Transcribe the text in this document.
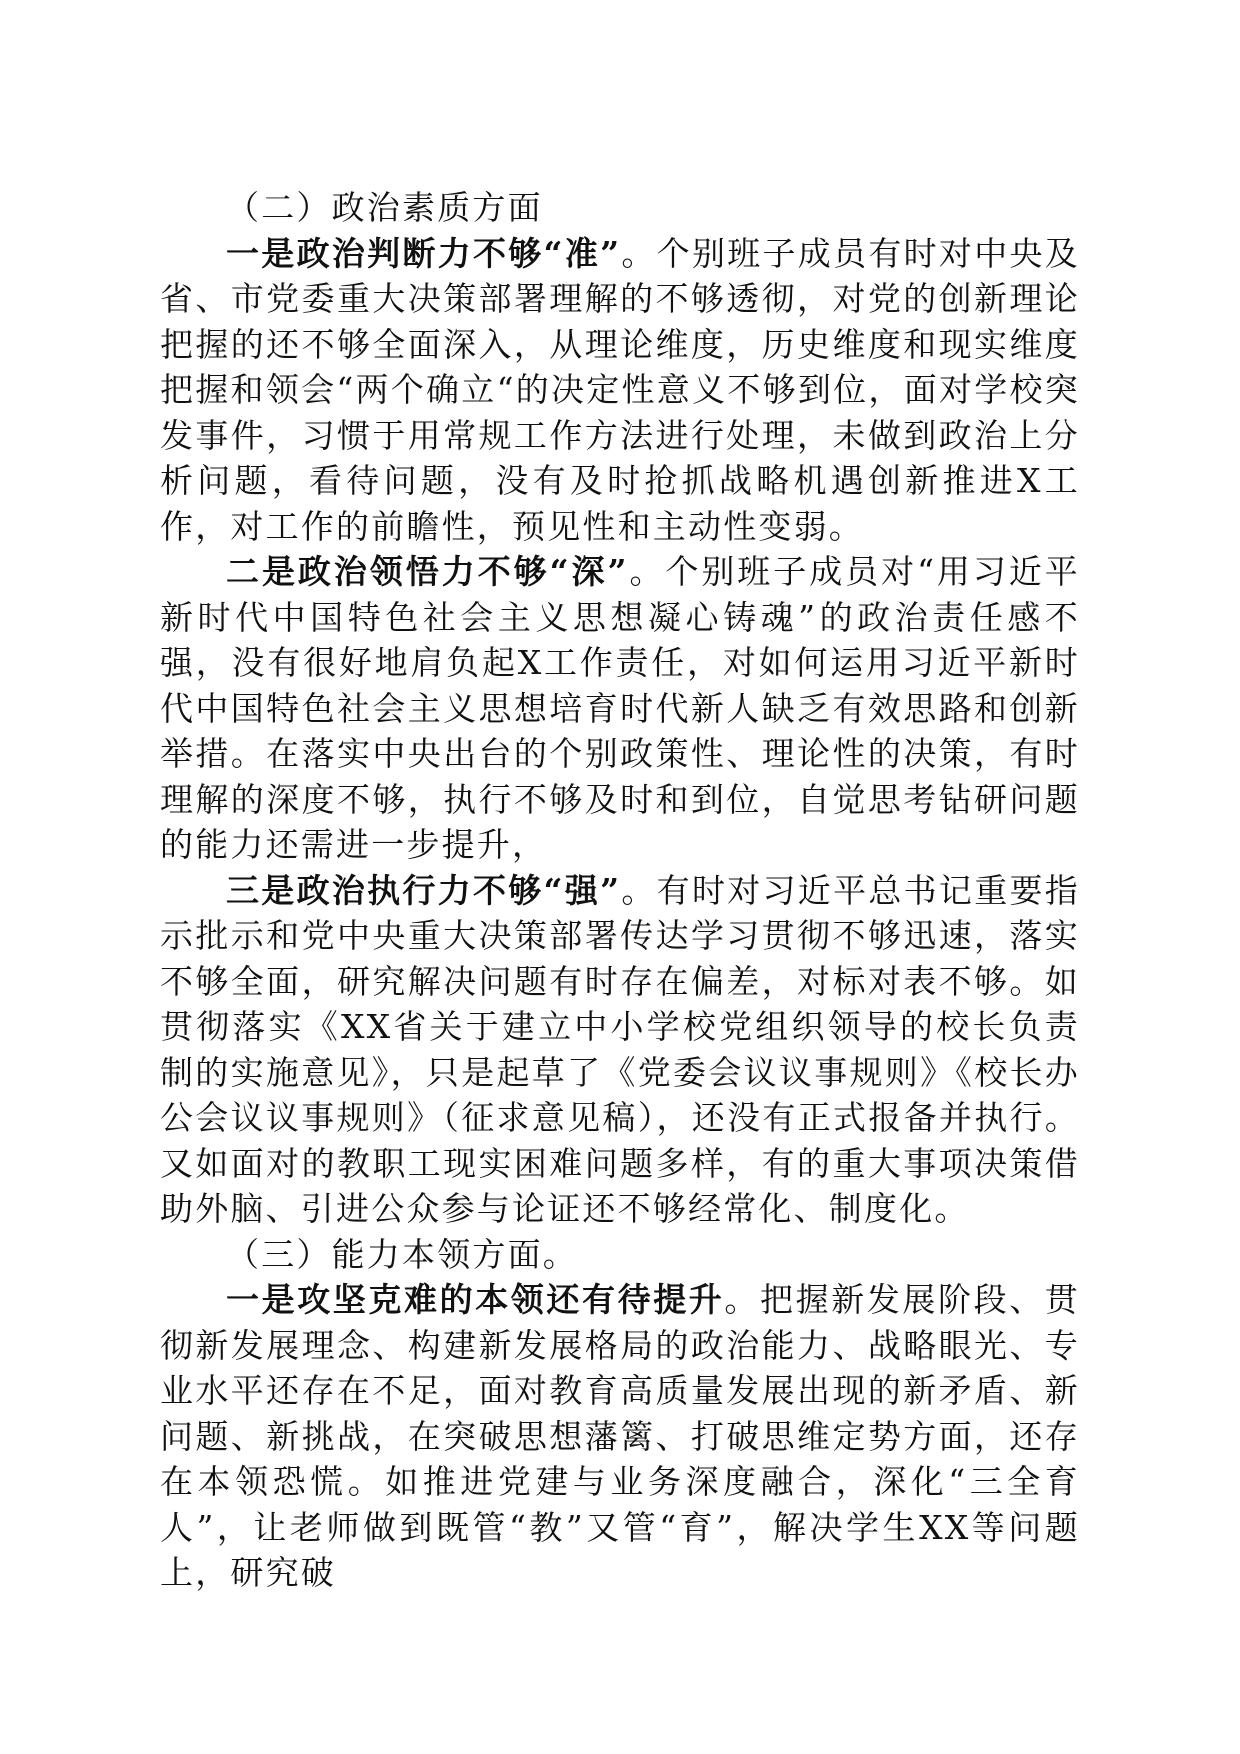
（二）政治素质方面

一是政治判断力不够“准”。个别班子成员有时对中央及省、市党委重大决策部署理解的不够透彻，对党的创新理论把握的还不够全面深入，从理论维度，历史维度和现实维度把握和领会“两个确立“的决定性意义不够到位，面对学校突发事件，习惯于用常规工作方法进行处理，未做到政治上分析问题，看待问题，没有及时抢抓战略机遇创新推进X工作，对工作的前瞻性，预见性和主动性变弱。

二是政治领悟力不够“深”。个别班子成员对“用习近平新时代中国特色社会主义思想凝心铸魂”的政治责任感不强，没有很好地肩负起X工作责任，对如何运用习近平新时代中国特色社会主义思想培育时代新人缺乏有效思路和创新举措。在落实中央出台的个别政策性、理论性的决策，有时理解的深度不够，执行不够及时和到位，自觉思考钻研问题的能力还需进一步提升，

三是政治执行力不够“强”。有时对习近平总书记重要指示批示和党中央重大决策部署传达学习贯彻不够迅速，落实不够全面，研究解决问题有时存在偏差，对标对表不够。如贯彻落实《XX省关于建立中小学校党组织领导的校长负责制的实施意见》，只是起草了《党委会议议事规则》《校长办公会议议事规则》（征求意见稿），还没有正式报备并执行。又如面对的教职工现实困难问题多样，有的重大事项决策借助外脑、引进公众参与论证还不够经常化、制度化。

（三）能力本领方面。

一是攻坚克难的本领还有待提升。把握新发展阶段、贯彻新发展理念、构建新发展格局的政治能力、战略眼光、专业水平还存在不足，面对教育高质量发展出现的新矛盾、新问题、新挑战，在突破思想藩篱、打破思维定势方面，还存在本领恐慌。如推进党建与业务深度融合，深化“三全育人”，让老师做到既管“教”又管“育”，解决学生XX等问题上，研究破
